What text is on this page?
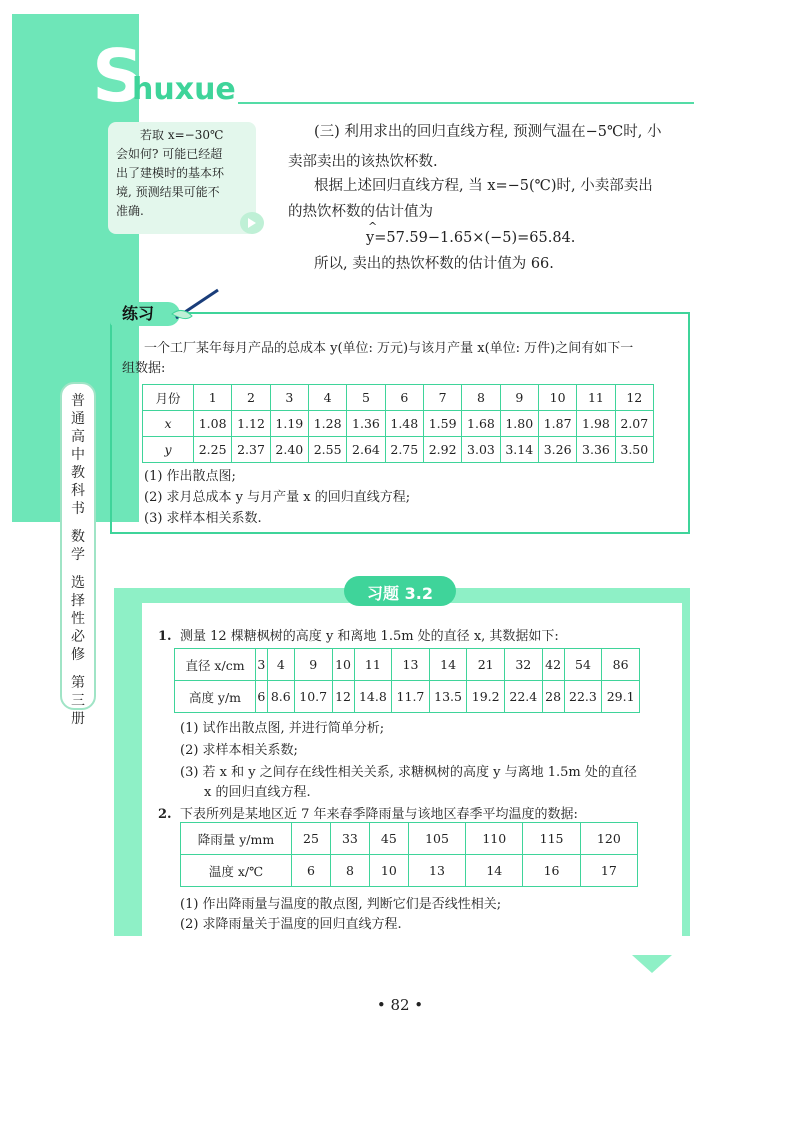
S
huxue

若取 x=−30℃

会如何? 可能已经超

出了建模时的基本环

境, 预测结果可能不

准确.

(三) 利用求出的回归直线方程, 预测气温在−5℃时, 小
卖部卖出的该热饮杯数.
根据上述回归直线方程, 当 x=−5(℃)时, 小卖部卖出
的热饮杯数的估计值为
^ y=57.59−1.65×(−5)=65.84.
所以, 卖出的热饮杯数的估计值为 66.
普
通
高
中
教
科
书
数
学
选
择
性
必
修
第
三
册
练习
一个工厂某年每月产品的总成本 y(单位: 万元)与该月产量 x(单位: 万件)之间有如下一
组数据:
月份	1	2	3	4	5	6	7	8	9	10	11	12
x	1.08	1.12	1.19	1.28	1.36	1.48	1.59	1.68	1.80	1.87	1.98	2.07
y	2.25	2.37	2.40	2.55	2.64	2.75	2.92	3.03	3.14	3.26	3.36	3.50
(1) 作出散点图;
(2) 求月总成本 y 与月产量 x 的回归直线方程;
(3) 求样本相关系数.
习题 3.2
1. 测量 12 棵糖枫树的高度 y 和离地 1.5m 处的直径 x, 其数据如下:
直径 x/cm	3	4	9	10	11	13	14	21	32	42	54	86
高度 y/m	6	8.6	10.7	12	14.8	11.7	13.5	19.2	22.4	28	22.3	29.1
(1) 试作出散点图, 并进行简单分析;
(2) 求样本相关系数;
(3) 若 x 和 y 之间存在线性相关关系, 求糖枫树的高度 y 与离地 1.5m 处的直径
x 的回归直线方程.
2. 下表所列是某地区近 7 年来春季降雨量与该地区春季平均温度的数据:
降雨量 y/mm	25	33	45	105	110	115	120
温度 x/℃	6	8	10	13	14	16	17
(1) 作出降雨量与温度的散点图, 判断它们是否线性相关;
(2) 求降雨量关于温度的回归直线方程.
• 82 •
